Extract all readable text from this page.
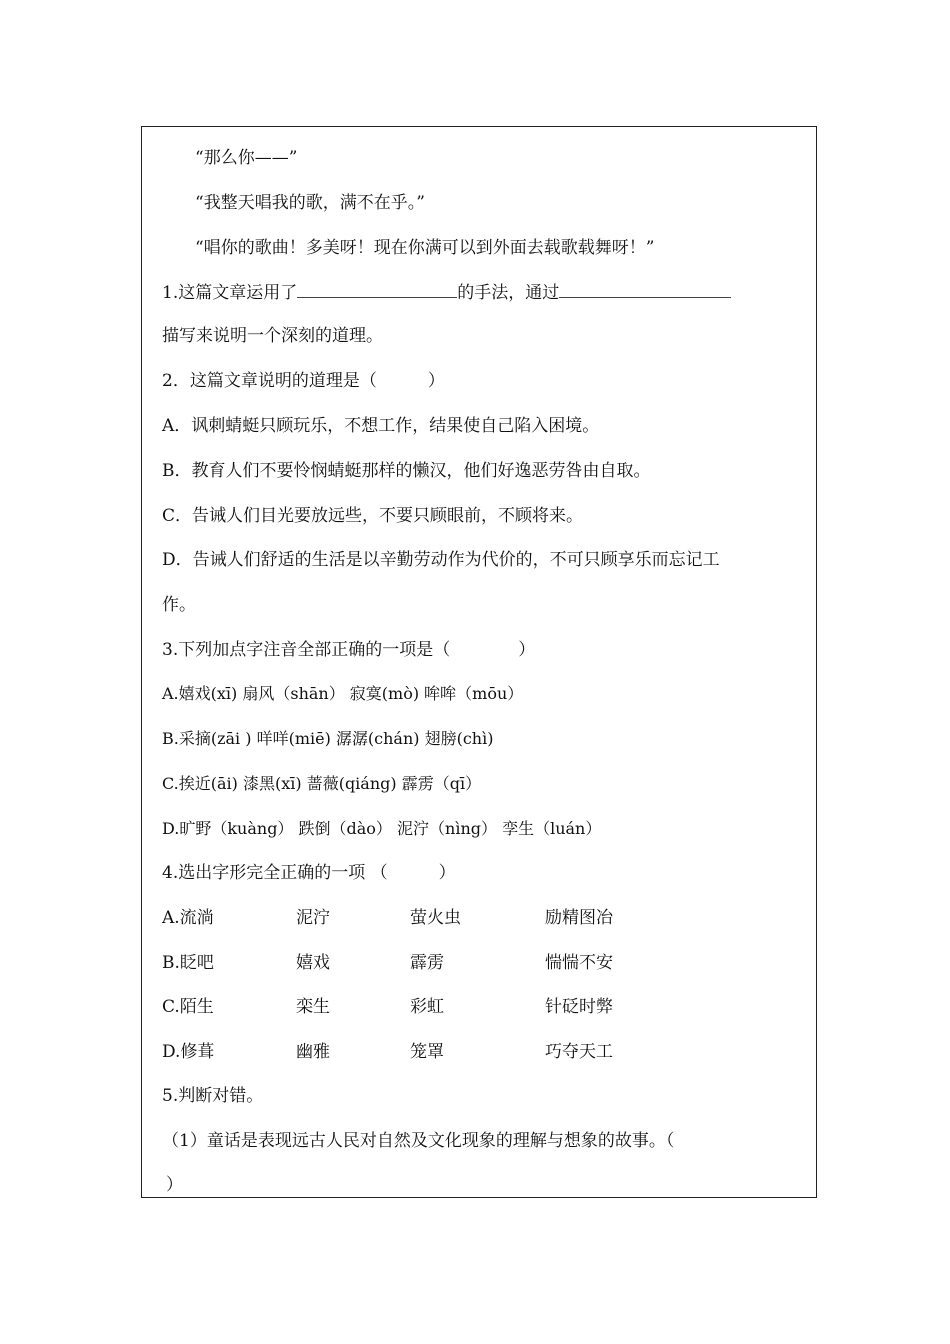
“那么你——”
“我整天唱我的歌，满不在乎。”
“唱你的歌曲！多美呀！现在你满可以到外面去载歌载舞呀！”
1.这篇文章运用了	的手法，通过
描写来说明一个深刻的道理。
2．这篇文章说明的道理是（　　　）
A．讽刺蜻蜓只顾玩乐，不想工作，结果使自己陷入困境。
B．教育人们不要怜悯蜻蜓那样的懒汉，他们好逸恶劳咎由自取。
C．告诫人们目光要放远些，不要只顾眼前，不顾将来。
D．告诫人们舒适的生活是以辛勤劳动作为代价的，不可只顾享乐而忘记工
作。
3.下列加点字注音全部正确的一项是（　　　　）
A.嬉戏(xī) 扇风（shān） 寂寞(mò) 哞哞（mōu）
B.采摘(zāi ) 咩咩(miē) 潺潺(chán) 翅膀(chì)
C.挨近(āi) 漆黑(xī) 蔷薇(qiáng) 霹雳（qī）
D.旷野（kuàng） 跌倒（dào） 泥泞（nìng） 孪生（luán）
4.选出字形完全正确的一项 （　　　）
A.流淌	泥泞	萤火虫	励精图冶
B.眨吧	嬉戏	霹雳	惴惴不安
C.陌生	栾生	彩虹	针砭时弊
D.修葺	幽雅	笼罩	巧夺天工
5.判断对错。
（1）童话是表现远古人民对自然及文化现象的理解与想象的故事。（
）
